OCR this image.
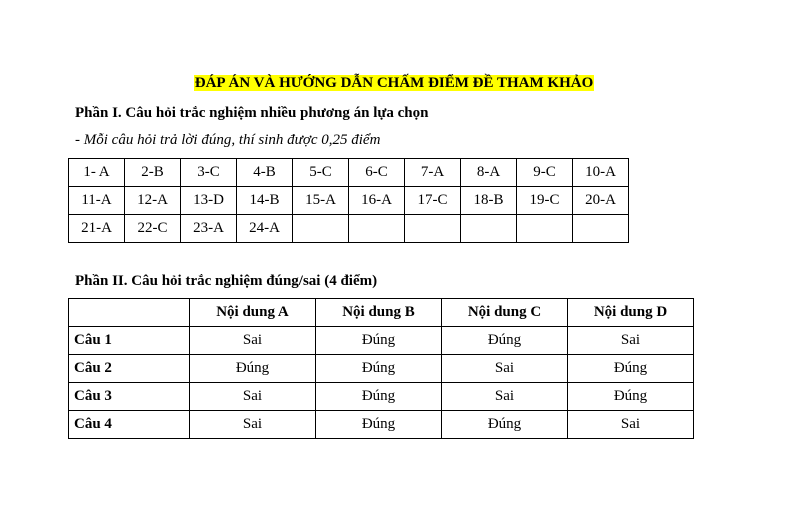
ĐÁP ÁN VÀ HƯỚNG DẪN CHẤM ĐIỂM ĐỀ THAM KHẢO
Phần I. Câu hỏi trắc nghiệm nhiều phương án lựa chọn
- Mỗi câu hỏi trả lời đúng, thí sinh được 0,25 điểm
1- A	2-B	3-C	4-B	5-C	6-C	7-A	8-A	9-C	10-A
11-A	12-A	13-D	14-B	15-A	16-A	17-C	18-B	19-C	20-A
21-A	22-C	23-A	24-A						
Phần II. Câu hỏi trắc nghiệm đúng/sai (4 điểm)
	Nội dung A	Nội dung B	Nội dung C	Nội dung D
Câu 1	Sai	Đúng	Đúng	Sai
Câu 2	Đúng	Đúng	Sai	Đúng
Câu 3	Sai	Đúng	Sai	Đúng
Câu 4	Sai	Đúng	Đúng	Sai
